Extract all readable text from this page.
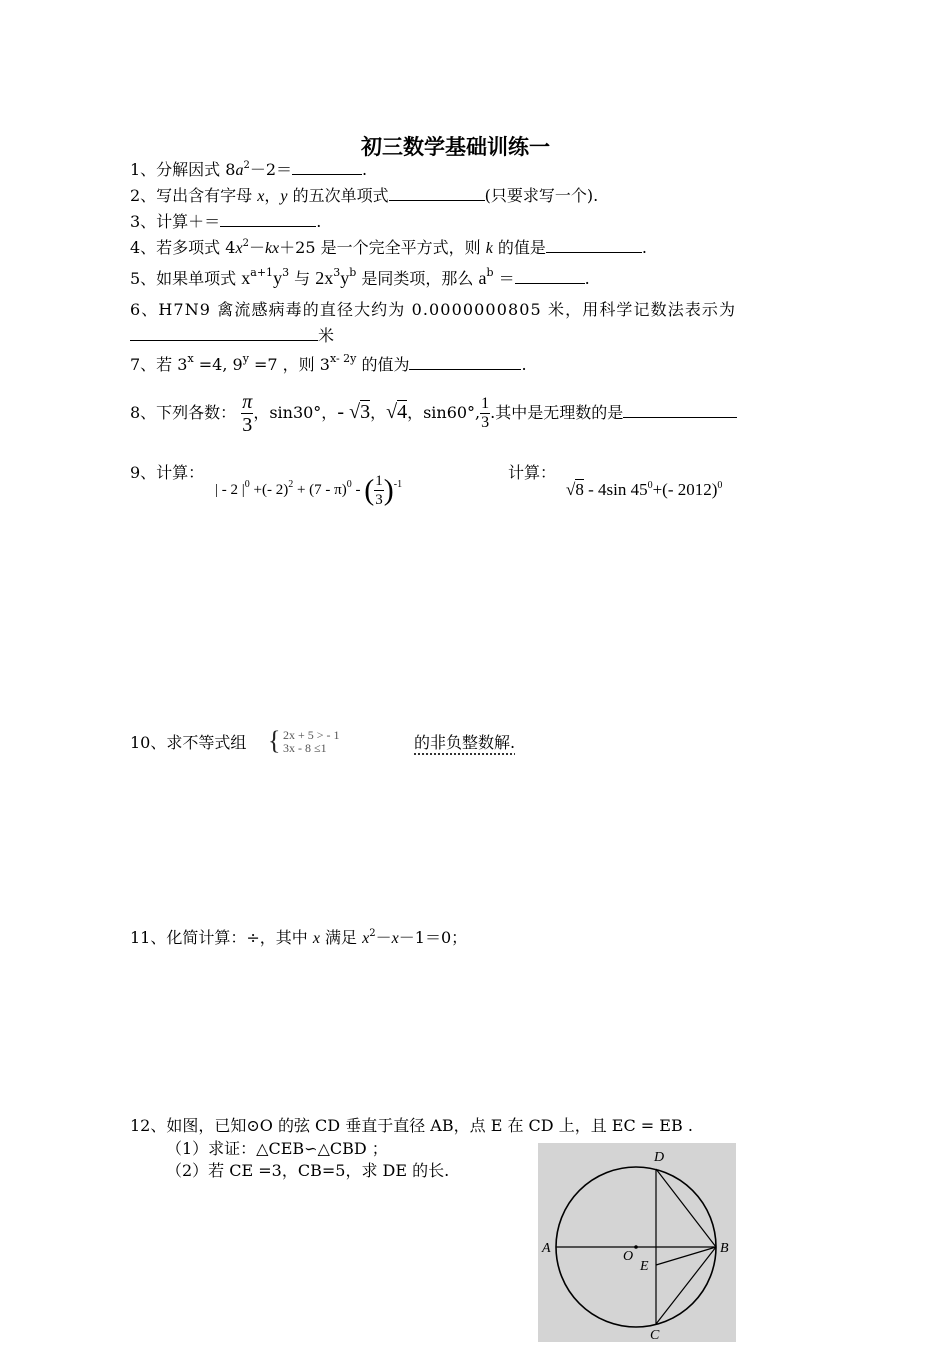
初三数学基础训练一
1、分解因式 $8a^2-2=$	.
2、写出含有字母 x，y 的五次单项式	(只要求写一个).
3、计算＋＝	.
4、若多项式 $4x^2-kx+25$ 是一个完全平方式，则 k 的值是	.
5、如果单项式 $x^{a+1}y^3$ 与 $2x^3y^b$ 是同类项，那么 $a^b$ ＝	.
6、H7N9 禽流感病毒的直径大约为 0.0000000805 米，用科学记数法表示为
米
7、若 $3^x =4$, $9^y =7$ ，则 $3^{x- 2y}$ 的值为	.
8、下列各数： $\frac{\pi}{3}$ ，sin30°，- √3，√4，sin60°, $\frac{1}{3}$ .其中是无理数的是
9、计算：
| - 2 $|^0$ +(- 2)$^2$ + (7 - π)$^0$ - ( $\frac{1}{3} )^{-1}$
计算：
√8 - 4sin $45^0+(-$ 2012)$^0$
10、求不等式组 { 2x + 5 > - 1
3x - 8 ≤1	的非负整数解.
11、化简计算：÷，其中 x 满足 $x^2-x-1=0$；
12、如图，已知⊙O 的弦 CD 垂直于直径 AB，点 E 在 CD 上，且 EC = EB .
（1）求证：△CEB∽△CBD ；
（2）若 CE =3，CB=5，求 DE 的长.
A	B
C
D
E
O
